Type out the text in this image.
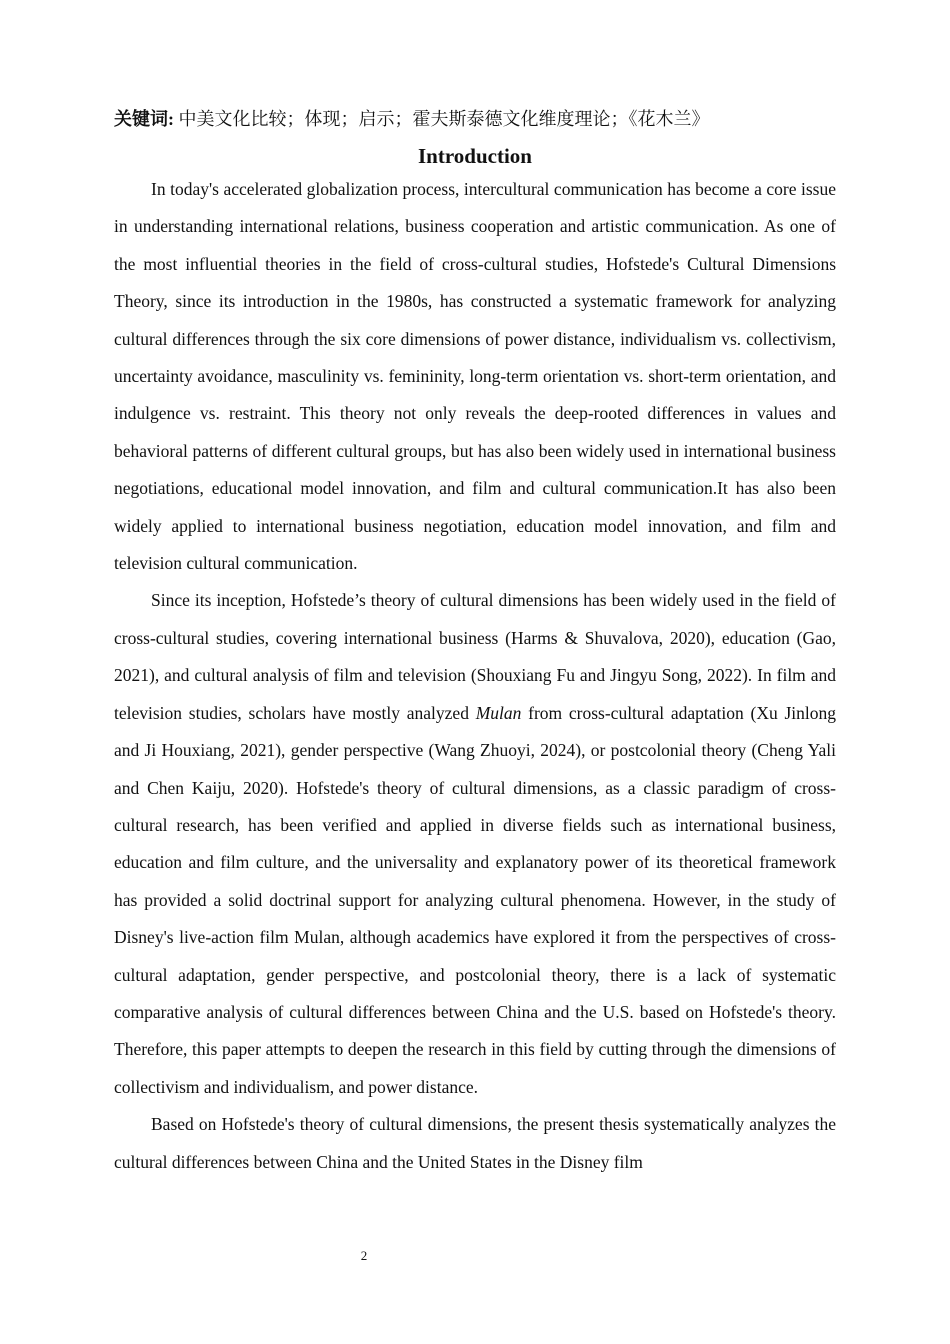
关键词: 中美文化比较；体现；启示；霍夫斯泰德文化维度理论；《花木兰》
Introduction

In today's accelerated globalization process, intercultural communication has become a core issue in understanding international relations, business cooperation and artistic communication. As one of the most influential theories in the field of cross-cultural studies, Hofstede's Cultural Dimensions Theory, since its introduction in the 1980s, has constructed a systematic framework for analyzing cultural differences through the six core dimensions of power distance, individualism vs. collectivism, uncertainty avoidance, masculinity vs. femininity, long-term orientation vs. short-term orientation, and indulgence vs. restraint. This theory not only reveals the deep-rooted differences in values and behavioral patterns of different cultural groups, but has also been widely used in international business negotiations, educational model innovation, and film and cultural communication.It has also been widely applied to international business negotiation, education model innovation, and film and television cultural communication.

Since its inception, Hofstede’s theory of cultural dimensions has been widely used in the field of cross-cultural studies, covering international business (Harms & Shuvalova, 2020), education (Gao, 2021), and cultural analysis of film and television (Shouxiang Fu and Jingyu Song, 2022). In film and television studies, scholars have mostly analyzed Mulan from cross-cultural adaptation (Xu Jinlong and Ji Houxiang, 2021), gender perspective (Wang Zhuoyi, 2024), or postcolonial theory (Cheng Yali and Chen Kaiju, 2020). Hofstede's theory of cultural dimensions, as a classic paradigm of cross-cultural research, has been verified and applied in diverse fields such as international business, education and film culture, and the universality and explanatory power of its theoretical framework has provided a solid doctrinal support for analyzing cultural phenomena. However, in the study of Disney's live-action film Mulan, although academics have explored it from the perspectives of cross-cultural adaptation, gender perspective, and postcolonial theory, there is a lack of systematic comparative analysis of cultural differences between China and the U.S. based on Hofstede's theory. Therefore, this paper attempts to deepen the research in this field by cutting through the dimensions of collectivism and individualism, and power distance.

Based on Hofstede's theory of cultural dimensions, the present thesis systematically analyzes the cultural differences between China and the United States in the Disney film

2
